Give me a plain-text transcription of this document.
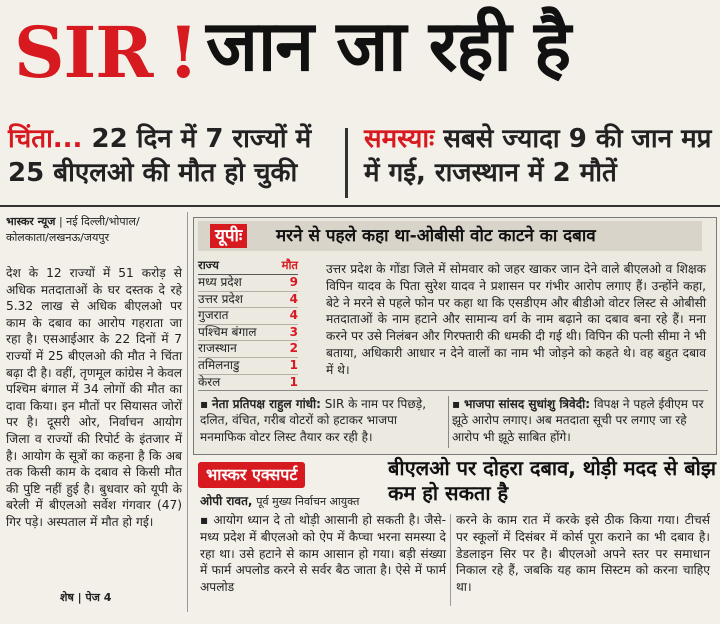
SIR ! जान जा रही है
चिंता... 22 दिन में 7 राज्यों में 25 बीएलओ की मौत हो चुकी
समस्याः सबसे ज्यादा 9 की जान मप्र में गई, राजस्थान में 2 मौतें
भास्कर न्यूज | नई दिल्ली/भोपाल/ कोलकाता/लखनऊ/जयपुर
देश के 12 राज्यों में 51 करोड़ से अधिक मतदाताओं के घर दस्तक दे रहे 5.32 लाख से अधिक बीएलओ पर काम के दबाव का आरोप गहराता जा रहा है। एसआईआर के 22 दिनों में 7 राज्यों में 25 बीएलओ की मौत ने चिंता बढ़ा दी है। वहीं, तृणमूल कांग्रेस ने केवल पश्चिम बंगाल में 34 लोगों की मौत का दावा किया। इन मौतों पर सियासत जोरों पर है। दूसरी ओर, निर्वाचन आयोग जिला व राज्यों की रिपोर्ट के इंतजार में है। आयोग के सूत्रों का कहना है कि अब तक किसी काम के दबाव से किसी मौत की पुष्टि नहीं हुई है। बुधवार को यूपी के बरेली में बीएलओ सर्वेश गंगवार (47) गिर पड़े। अस्पताल में मौत हो गई।
शेष | पेज 4
यूपीः मरने से पहले कहा था-ओबीसी वोट काटने का दबाव
राज्य	मौत
मध्य प्रदेश	9
उत्तर प्रदेश	4
गुजरात	4
पश्चिम बंगाल	3
राजस्थान	2
तमिलनाडु	1
केरल	1
उत्तर प्रदेश के गोंडा जिले में सोमवार को जहर खाकर जान देने वाले बीएलओ व शिक्षक विपिन यादव के पिता सुरेश यादव ने प्रशासन पर गंभीर आरोप लगाए हैं। उन्होंने कहा, बेटे ने मरने से पहले फोन पर कहा था कि एसडीएम और बीडीओ वोटर लिस्ट से ओबीसी मतदाताओं के नाम हटाने और सामान्य वर्ग के नाम बढ़ाने का दबाव बना रहे हैं। मना करने पर उसे निलंबन और गिरफ्तारी की धमकी दी गई थी। विपिन की पत्नी सीमा ने भी बताया, अधिकारी आधार न देने वालों का नाम भी जोड़ने को कहते थे। वह बहुत दबाव में थे।
▪ नेता प्रतिपक्ष राहुल गांधी: SIR के नाम पर पिछड़े, दलित, वंचित, गरीब वोटरों को हटाकर भाजपा मनमाफिक वोटर लिस्ट तैयार कर रही है।
▪ भाजपा सांसद सुधांशु त्रिवेदी: विपक्ष ने पहले ईवीएम पर झूठे आरोप लगाए। अब मतदाता सूची पर लगाए जा रहे आरोप भी झूठे साबित होंगे।
भास्कर एक्सपर्ट	बीएलओ पर दोहरा दबाव, थोड़ी मदद से बोझ कम हो सकता है
ओपी रावत, पूर्व मुख्य निर्वाचन आयुक्त
▪ आयोग ध्यान दे तो थोड़ी आसानी हो सकती है। जैसे- मध्य प्रदेश में बीएलओ को ऐप में कैप्चा भरना समस्या दे रहा था। उसे हटाने से काम आसान हो गया। बड़ी संख्या में फार्म अपलोड करने से सर्वर बैठ जाता है। ऐसे में फार्म अपलोड
करने के काम रात में करके इसे ठीक किया गया। टीचर्स पर स्कूलों में दिसंबर में कोर्स पूरा कराने का भी दबाव है। डेडलाइन सिर पर है। बीएलओ अपने स्तर पर समाधान निकाल रहे हैं, जबकि यह काम सिस्टम को करना चाहिए था।
